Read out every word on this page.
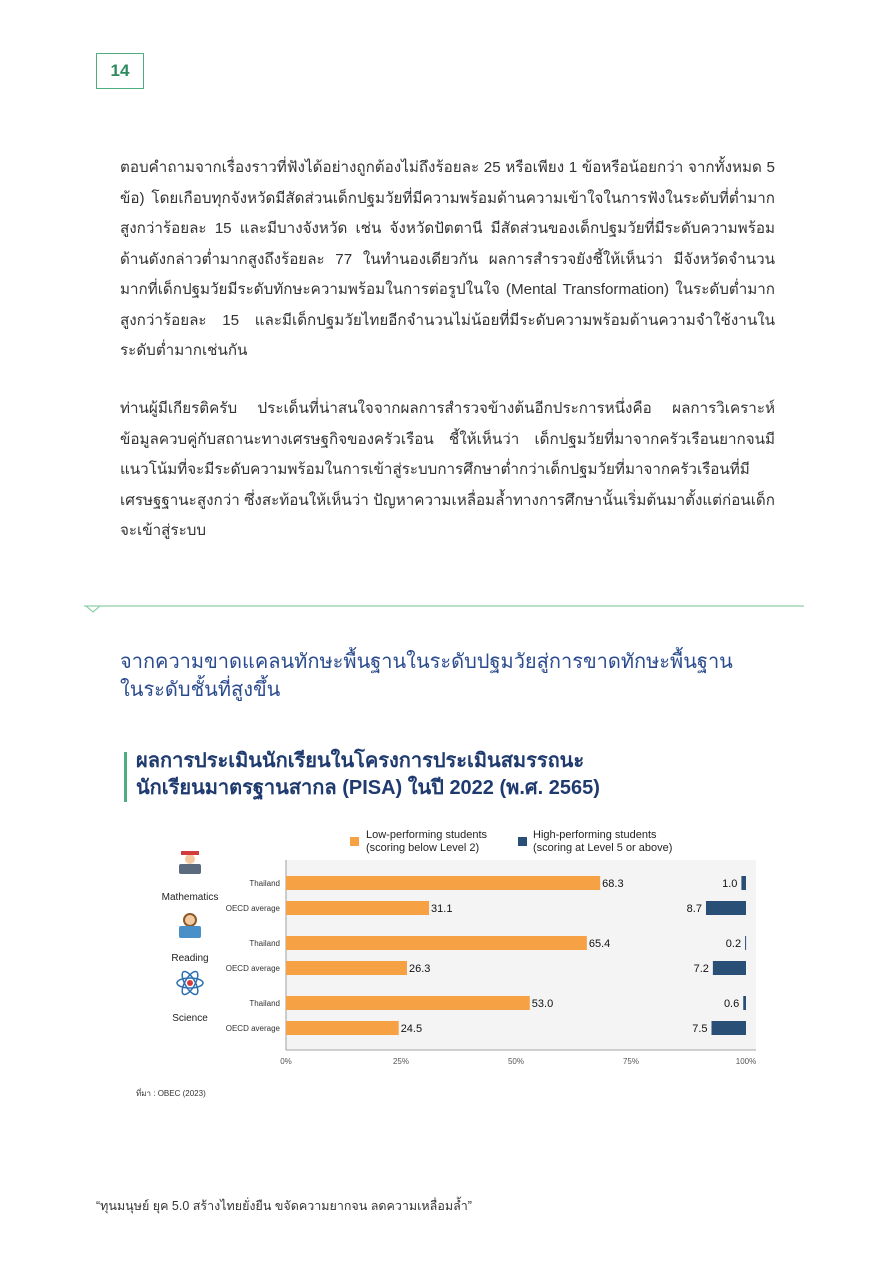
14

ตอบคำถามจากเรื่องราวที่ฟังได้อย่างถูกต้องไม่ถึงร้อยละ 25 หรือเพียง 1 ข้อหรือน้อยกว่า จากทั้งหมด 5 ข้อ) โดยเกือบทุกจังหวัดมีสัดส่วนเด็กปฐมวัยที่มีความพร้อมด้านความเข้าใจในการฟังในระดับที่ต่ำมากสูงกว่าร้อยละ 15 และมีบางจังหวัด เช่น จังหวัดปัตตานี มีสัดส่วนของเด็กปฐมวัยที่มีระดับความพร้อมด้านดังกล่าวต่ำมากสูงถึงร้อยละ 77 ในทำนองเดียวกัน ผลการสำรวจยังชี้ให้เห็นว่า มีจังหวัดจำนวนมากที่เด็กปฐมวัยมีระดับทักษะความพร้อมในการต่อรูปในใจ (Mental Transformation) ในระดับต่ำมากสูงกว่าร้อยละ 15 และมีเด็กปฐมวัยไทยอีกจำนวนไม่น้อยที่มีระดับความพร้อมด้านความจำใช้งานในระดับต่ำมากเช่นกัน

ท่านผู้มีเกียรติครับ ประเด็นที่น่าสนใจจากผลการสำรวจข้างต้นอีกประการหนึ่งคือ ผลการวิเคราะห์ข้อมูลควบคู่กับสถานะทางเศรษฐกิจของครัวเรือน ชี้ให้เห็นว่า เด็กปฐมวัยที่มาจากครัวเรือนยากจนมีแนวโน้มที่จะมีระดับความพร้อมในการเข้าสู่ระบบการศึกษาต่ำกว่าเด็กปฐมวัยที่มาจากครัวเรือนที่มีเศรษฐฐานะสูงกว่า ซึ่งสะท้อนให้เห็นว่า ปัญหาความเหลื่อมล้ำทางการศึกษานั้นเริ่มต้นมาตั้งแต่ก่อนเด็กจะเข้าสู่ระบบ

จากความขาดแคลนทักษะพื้นฐานในระดับปฐมวัยสู่การขาดทักษะพื้นฐาน
ในระดับชั้นที่สูงขึ้น
ผลการประเมินนักเรียนในโครงการประเมินสมรรถนะ
นักเรียนมาตรฐานสากล (PISA) ในปี 2022 (พ.ศ. 2565)
Low-performing students
(scoring below Level 2)
High-performing students
(scoring at Level 5 or above)
0%	25%	50%	75%	100%
Mathematics
Thailand	68.3	1.0
OECD average	31.1	8.7
Reading
Thailand	65.4	0.2
OECD average	26.3	7.2
Science
Thailand	53.0	0.6
OECD average	24.5	7.5
ที่มา : OBEC (2023)
“ทุนมนุษย์ ยุค 5.0 สร้างไทยยั่งยืน ขจัดความยากจน ลดความเหลื่อมล้ำ”
